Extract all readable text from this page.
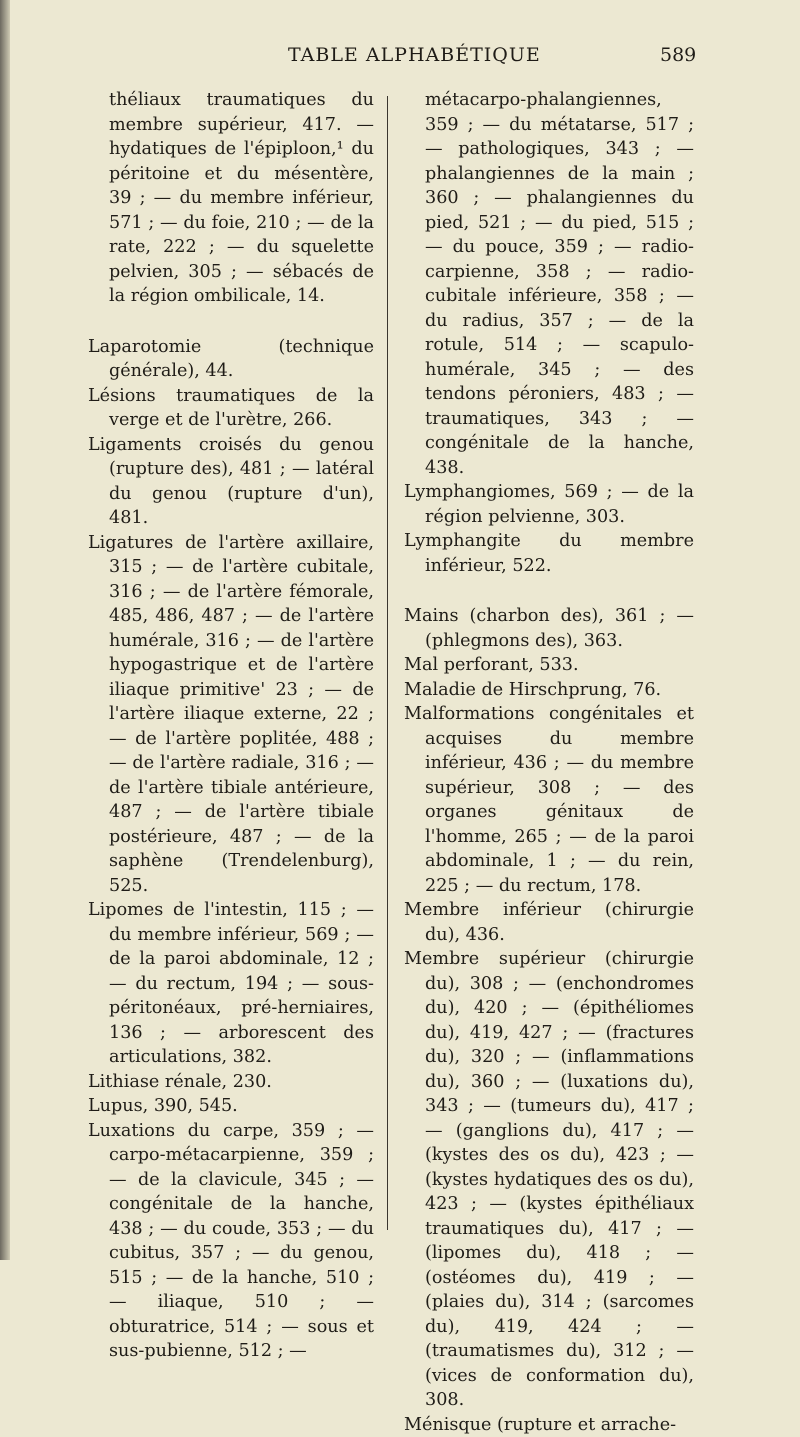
TABLE ALPHABÉTIQUE	589
théliaux traumatiques du membre supérieur, 417. — hydatiques de l'épiploon,¹ du péritoine et du mésentère, 39 ; — du membre inférieur, 571 ; — du foie, 210 ; — de la rate, 222 ; — du squelette pelvien, 305 ; — sébacés de la région ombilicale, 14.
Laparotomie (technique générale), 44.
Lésions traumatiques de la verge et de l'urètre, 266.
Ligaments croisés du genou (rupture des), 481 ; — latéral du genou (rupture d'un), 481.
Ligatures de l'artère axillaire, 315 ; — de l'artère cubitale, 316 ; — de l'artère fémorale, 485, 486, 487 ; — de l'artère humérale, 316 ; — de l'artère hypogastrique et de l'artère iliaque primitive' 23 ; — de l'artère iliaque externe, 22 ; — de l'artère poplitée, 488 ; — de l'artère radiale, 316 ; — de l'artère tibiale antérieure, 487 ; — de l'artère tibiale postérieure, 487 ; — de la saphène (Trendelenburg), 525.
Lipomes de l'intestin, 115 ; — du membre inférieur, 569 ; — de la paroi abdominale, 12 ; — du rectum, 194 ; — sous-péritonéaux, pré-herniaires, 136 ; — arborescent des articulations, 382.
Lithiase rénale, 230.
Lupus, 390, 545.
Luxations du carpe, 359 ; — carpo-métacarpienne, 359 ; — de la clavicule, 345 ; — congénitale de la hanche, 438 ; — du coude, 353 ; — du cubitus, 357 ; — du genou, 515 ; — de la hanche, 510 ; — iliaque, 510 ; — obturatrice, 514 ; — sous et sus-pubienne, 512 ; —
métacarpo-phalangiennes, 359 ; — du métatarse, 517 ; — pathologiques, 343 ; — phalangiennes de la main ; 360 ; — phalangiennes du pied, 521 ; — du pied, 515 ; — du pouce, 359 ; — radio-carpienne, 358 ; — radio-cubitale inférieure, 358 ; — du radius, 357 ; — de la rotule, 514 ; — scapulo-humérale, 345 ; — des tendons péroniers, 483 ; — traumatiques, 343 ; — congénitale de la hanche, 438.
Lymphangiomes, 569 ; — de la région pelvienne, 303.
Lymphangite du membre inférieur, 522.
Mains (charbon des), 361 ; — (phlegmons des), 363.
Mal perforant, 533.
Maladie de Hirschprung, 76.
Malformations congénitales et acquises du membre inférieur, 436 ; — du membre supérieur, 308 ; — des organes génitaux de l'homme, 265 ; — de la paroi abdominale, 1 ; — du rein, 225 ; — du rectum, 178.
Membre inférieur (chirurgie du), 436.
Membre supérieur (chirurgie du), 308 ; — (enchondromes du), 420 ; — (épithéliomes du), 419, 427 ; — (fractures du), 320 ; — (inflammations du), 360 ; — (luxations du), 343 ; — (tumeurs du), 417 ; — (ganglions du), 417 ; — (kystes des os du), 423 ; — (kystes hydatiques des os du), 423 ; — (kystes épithéliaux traumatiques du), 417 ; — (lipomes du), 418 ; — (ostéomes du), 419 ; — (plaies du), 314 ; (sarcomes du), 419, 424 ; — (traumatismes du), 312 ; — (vices de conformation du), 308.
Ménisque (rupture et arrache-
